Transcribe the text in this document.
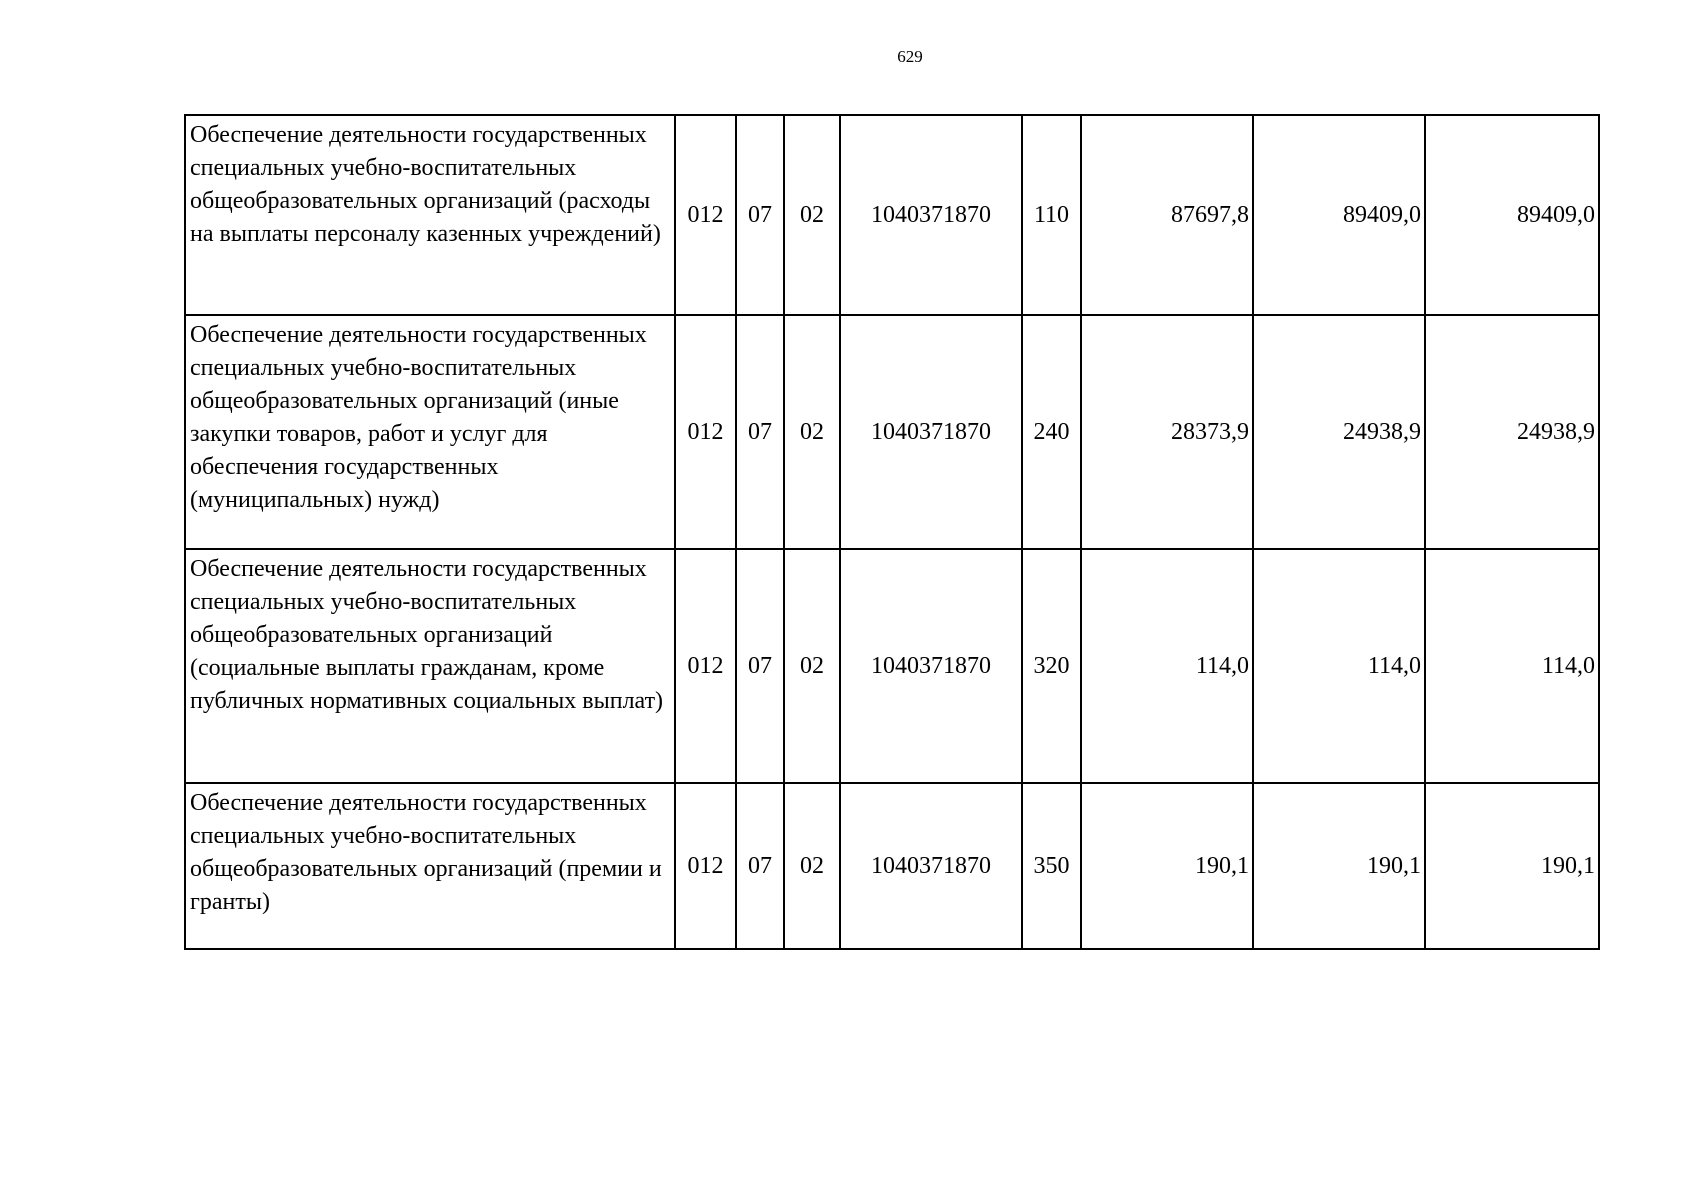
629
Обеспечение деятельности государственных специальных учебно-воспитательных общеобразовательных организаций (расходы на выплаты персоналу казенных учреждений)	012	07	02	1040371870	110	87697,8	89409,0	89409,0
Обеспечение деятельности государственных специальных учебно-воспитательных общеобразовательных организаций (иные закупки товаров, работ и услуг для обеспечения государственных (муниципальных) нужд)	012	07	02	1040371870	240	28373,9	24938,9	24938,9
Обеспечение деятельности государственных специальных учебно-воспитательных общеобразовательных организаций (социальные выплаты гражданам, кроме публичных нормативных социальных выплат)	012	07	02	1040371870	320	114,0	114,0	114,0
Обеспечение деятельности государственных специальных учебно-воспитательных общеобразовательных организаций (премии и гранты)	012	07	02	1040371870	350	190,1	190,1	190,1
